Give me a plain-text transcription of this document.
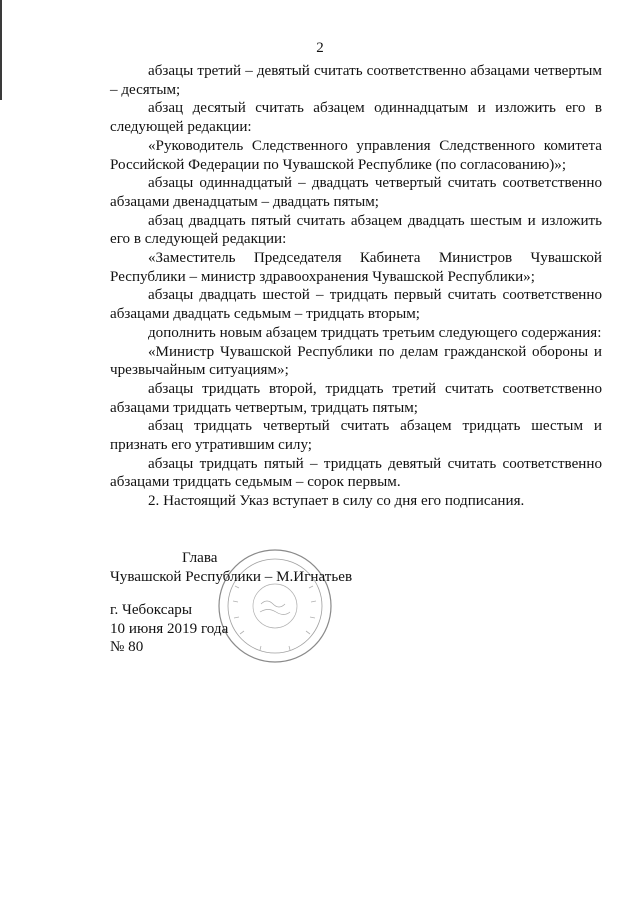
2

абзацы третий – девятый считать соответственно абзацами четвертым – десятым;

абзац десятый считать абзацем одиннадцатым и изложить его в следующей редакции:

«Руководитель Следственного управления Следственного комитета Российской Федерации по Чувашской Республике (по согласованию)»;

абзацы одиннадцатый – двадцать четвертый считать соответственно абзацами двенадцатым – двадцать пятым;

абзац двадцать пятый считать абзацем двадцать шестым и изложить его в следующей редакции:

«Заместитель Председателя Кабинета Министров Чувашской Республики – министр здравоохранения Чувашской Республики»;

абзацы двадцать шестой – тридцать первый считать соответственно абзацами двадцать седьмым – тридцать вторым;

дополнить новым абзацем тридцать третьим следующего содержания:

«Министр Чувашской Республики по делам гражданской обороны и чрезвычайным ситуациям»;

абзацы тридцать второй, тридцать третий считать соответственно абзацами тридцать четвертым, тридцать пятым;

абзац тридцать четвертый считать абзацем тридцать шестым и признать его утратившим силу;

абзацы тридцать пятый – тридцать девятый считать соответственно абзацами тридцать седьмым – сорок первым.

2. Настоящий Указ вступает в силу со дня его подписания.

Глава
Чувашской Республики – М.Игнатьев
г. Чебоксары
10 июня 2019 года
№ 80
